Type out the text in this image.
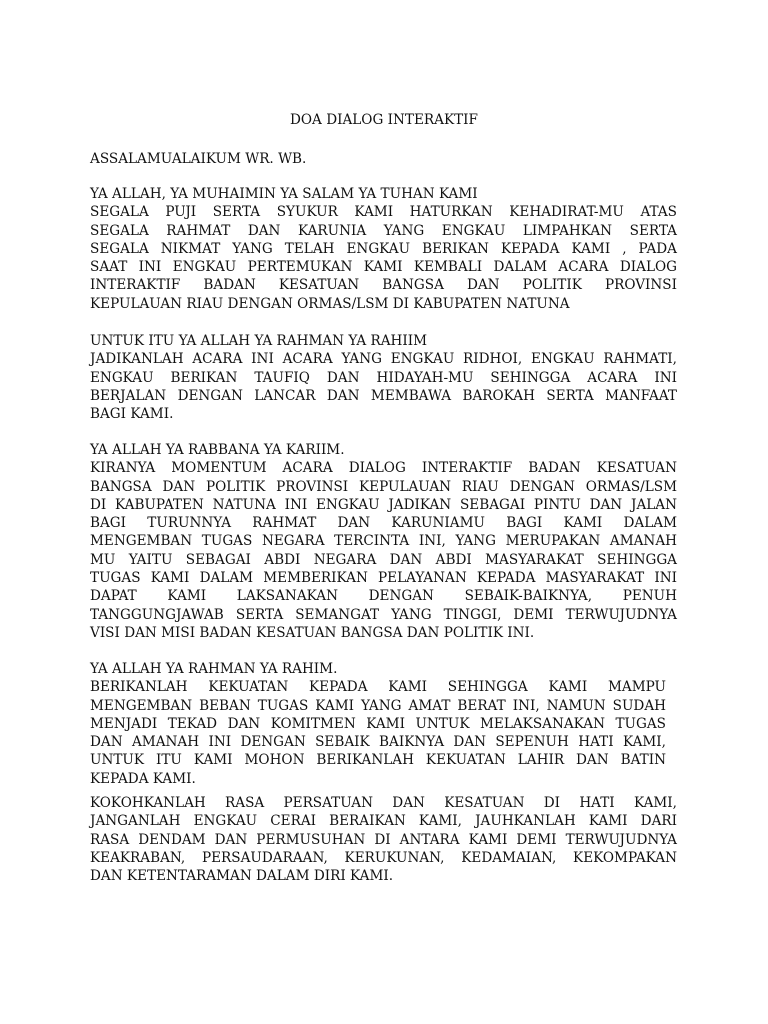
DOA DIALOG INTERAKTIF

ASSALAMUALAIKUM WR. WB.

YA ALLAH, YA MUHAIMIN YA SALAM YA TUHAN KAMI
SEGALA PUJI SERTA SYUKUR KAMI HATURKAN KEHADIRAT-MU ATAS
SEGALA RAHMAT DAN KARUNIA YANG ENGKAU LIMPAHKAN SERTA
SEGALA NIKMAT YANG TELAH ENGKAU BERIKAN KEPADA KAMI , PADA
SAAT INI ENGKAU PERTEMUKAN KAMI KEMBALI DALAM ACARA DIALOG
INTERAKTIF BADAN KESATUAN BANGSA DAN POLITIK PROVINSI
KEPULAUAN RIAU DENGAN ORMAS/LSM DI KABUPATEN NATUNA
UNTUK ITU YA ALLAH YA RAHMAN YA RAHIIM
JADIKANLAH ACARA INI ACARA YANG ENGKAU RIDHOI, ENGKAU RAHMATI,
ENGKAU BERIKAN TAUFIQ DAN HIDAYAH-MU SEHINGGA ACARA INI
BERJALAN DENGAN LANCAR DAN MEMBAWA BAROKAH SERTA MANFAAT
BAGI KAMI.
YA ALLAH YA RABBANA YA KARIIM.
KIRANYA MOMENTUM ACARA DIALOG INTERAKTIF BADAN KESATUAN
BANGSA DAN POLITIK PROVINSI KEPULAUAN RIAU DENGAN ORMAS/LSM
DI KABUPATEN NATUNA INI ENGKAU JADIKAN SEBAGAI PINTU DAN JALAN
BAGI TURUNNYA RAHMAT DAN KARUNIAMU BAGI KAMI DALAM
MENGEMBAN TUGAS NEGARA TERCINTA INI, YANG MERUPAKAN AMANAH
MU YAITU SEBAGAI ABDI NEGARA DAN ABDI MASYARAKAT SEHINGGA
TUGAS KAMI DALAM MEMBERIKAN PELAYANAN KEPADA MASYARAKAT INI
DAPAT KAMI LAKSANAKAN DENGAN SEBAIK-BAIKNYA, PENUH
TANGGUNGJAWAB SERTA SEMANGAT YANG TINGGI, DEMI TERWUJUDNYA
VISI DAN MISI BADAN KESATUAN BANGSA DAN POLITIK INI.
YA ALLAH YA RAHMAN YA RAHIM.
BERIKANLAH KEKUATAN KEPADA KAMI SEHINGGA KAMI MAMPU
MENGEMBAN BEBAN TUGAS KAMI YANG AMAT BERAT INI, NAMUN SUDAH
MENJADI TEKAD DAN KOMITMEN KAMI UNTUK MELAKSANAKAN TUGAS
DAN AMANAH INI DENGAN SEBAIK BAIKNYA DAN SEPENUH HATI KAMI,
UNTUK ITU KAMI MOHON BERIKANLAH KEKUATAN LAHIR DAN BATIN
KEPADA KAMI.
KOKOHKANLAH RASA PERSATUAN DAN KESATUAN DI HATI KAMI,
JANGANLAH ENGKAU CERAI BERAIKAN KAMI, JAUHKANLAH KAMI DARI
RASA DENDAM DAN PERMUSUHAN DI ANTARA KAMI DEMI TERWUJUDNYA
KEAKRABAN, PERSAUDARAAN, KERUKUNAN, KEDAMAIAN, KEKOMPAKAN
DAN KETENTARAMAN DALAM DIRI KAMI.
